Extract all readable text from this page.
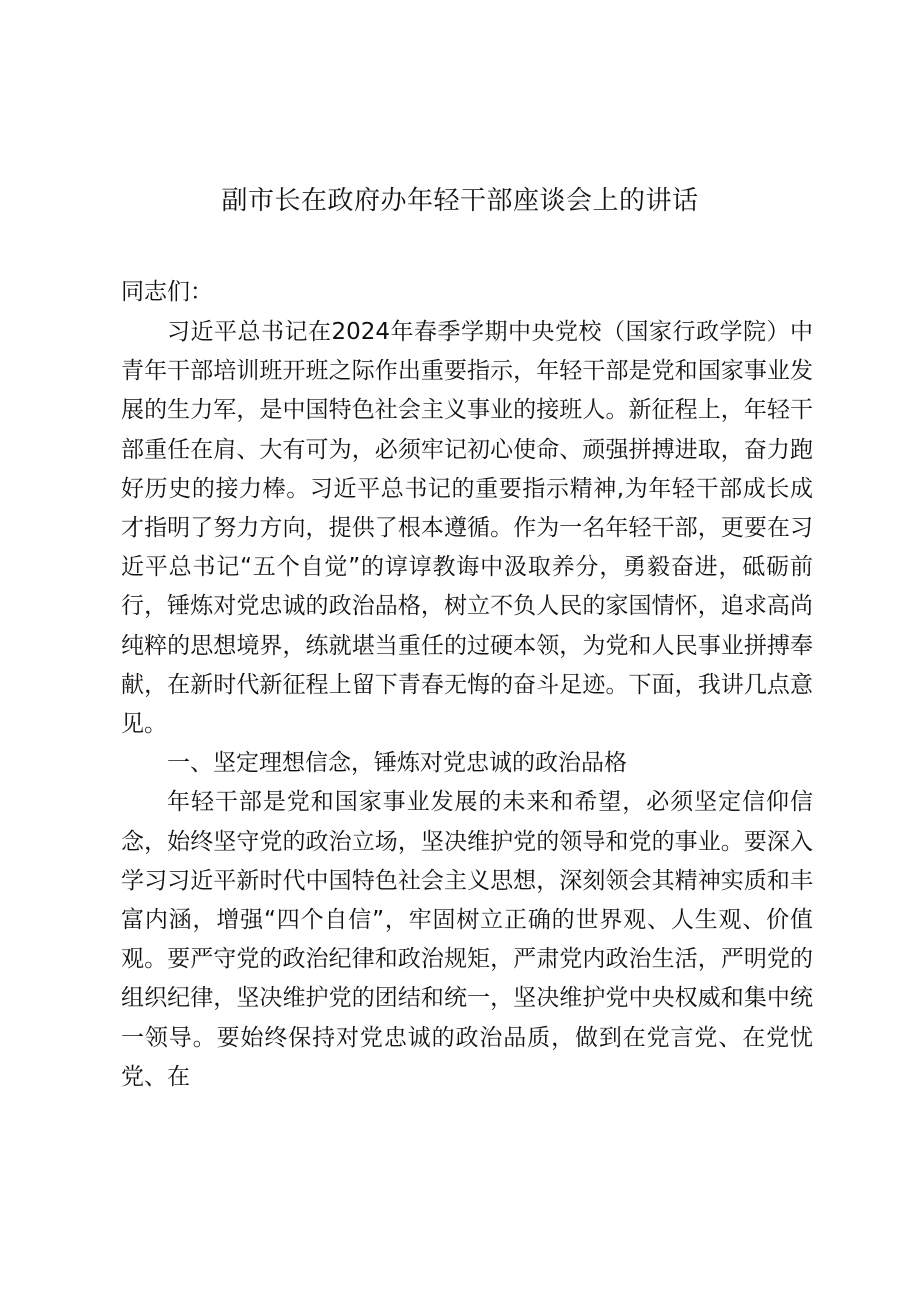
副市长在政府办年轻干部座谈会上的讲话
同志们：

习近平总书记在2024年春季学期中央党校（国家行政学院）中青年干部培训班开班之际作出重要指示，年轻干部是党和国家事业发展的生力军，是中国特色社会主义事业的接班人。新征程上，年轻干部重任在肩、大有可为，必须牢记初心使命、顽强拼搏进取，奋力跑好历史的接力棒。习近平总书记的重要指示精神,为年轻干部成长成才指明了努力方向，提供了根本遵循。作为一名年轻干部，更要在习近平总书记“五个自觉”的谆谆教诲中汲取养分，勇毅奋进，砥砺前行，锤炼对党忠诚的政治品格，树立不负人民的家国情怀，追求高尚纯粹的思想境界，练就堪当重任的过硬本领，为党和人民事业拼搏奉献，在新时代新征程上留下青春无悔的奋斗足迹。下面，我讲几点意见。

一、坚定理想信念，锤炼对党忠诚的政治品格

年轻干部是党和国家事业发展的未来和希望，必须坚定信仰信念，始终坚守党的政治立场，坚决维护党的领导和党的事业。要深入学习习近平新时代中国特色社会主义思想，深刻领会其精神实质和丰富内涵，增强“四个自信”，牢固树立正确的世界观、人生观、价值观。要严守党的政治纪律和政治规矩，严肃党内政治生活，严明党的组织纪律，坚决维护党的团结和统一，坚决维护党中央权威和集中统一领导。要始终保持对党忠诚的政治品质，做到在党言党、在党忧党、在
